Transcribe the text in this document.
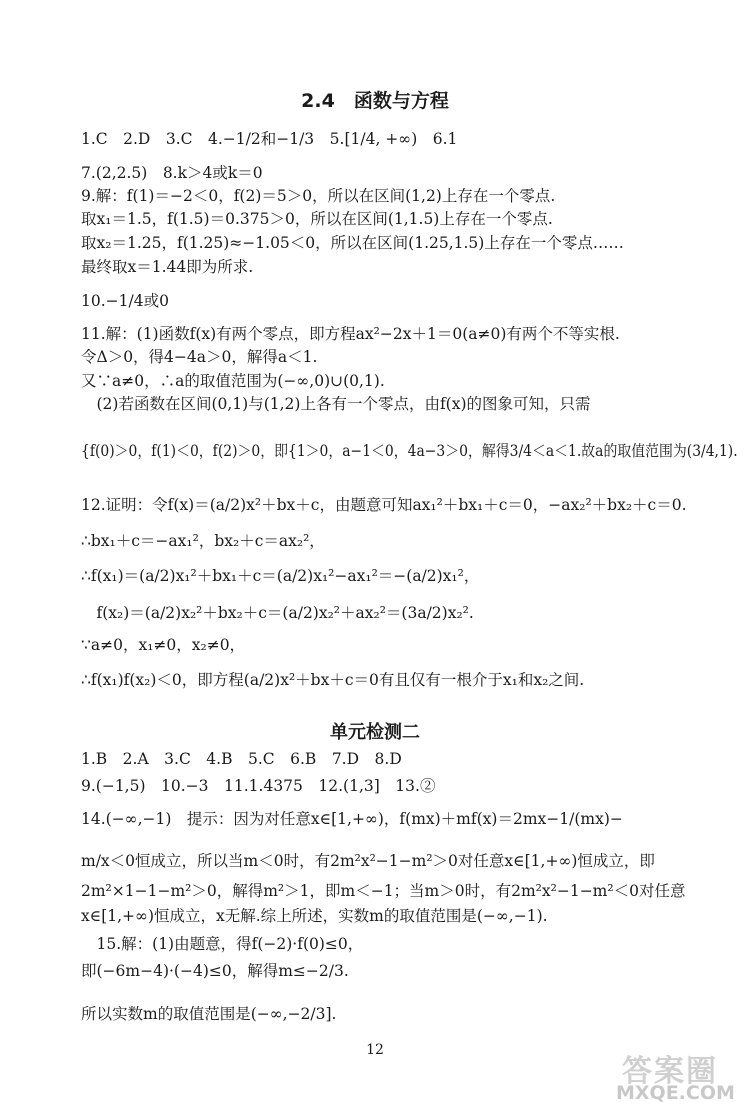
2.4　函数与方程
1.C　2.D　3.C　4.−1/2和−1/3　5.[1/4, +∞)　6.1
7.(2,2.5)　8.k＞4或k＝0
9.解：f(1)＝−2＜0，f(2)＝5＞0，所以在区间(1,2)上存在一个零点.
取x₁＝1.5，f(1.5)＝0.375＞0，所以在区间(1,1.5)上存在一个零点.
取x₂＝1.25，f(1.25)≈−1.05＜0，所以在区间(1.25,1.5)上存在一个零点……
最终取x＝1.44即为所求.
10.−1/4或0
11.解：(1)函数f(x)有两个零点，即方程ax²−2x＋1＝0(a≠0)有两个不等实根.
令Δ＞0，得4−4a＞0，解得a＜1.
又∵a≠0，∴a的取值范围为(−∞,0)∪(0,1).
　(2)若函数在区间(0,1)与(1,2)上各有一个零点，由f(x)的图象可知，只需
{f(0)＞0，f(1)＜0，f(2)＞0，即{1＞0，a−1＜0，4a−3＞0，解得3/4＜a＜1.故a的取值范围为(3/4,1).
12.证明：令f(x)＝(a/2)x²＋bx＋c，由题意可知ax₁²＋bx₁＋c＝0，−ax₂²＋bx₂＋c＝0.
∴bx₁＋c＝−ax₁²，bx₂＋c＝ax₂²，
∴f(x₁)＝(a/2)x₁²＋bx₁＋c＝(a/2)x₁²−ax₁²＝−(a/2)x₁²，
　f(x₂)＝(a/2)x₂²＋bx₂＋c＝(a/2)x₂²＋ax₂²＝(3a/2)x₂².
∵a≠0，x₁≠0，x₂≠0，
∴f(x₁)f(x₂)＜0，即方程(a/2)x²＋bx＋c＝0有且仅有一根介于x₁和x₂之间.
单元检测二
1.B　2.A　3.C　4.B　5.C　6.B　7.D　8.D
9.(−1,5)　10.−3　11.1.4375　12.(1,3]　13.②
14.(−∞,−1)　提示：因为对任意x∈[1,+∞)，f(mx)＋mf(x)＝2mx−1/(mx)−
m/x＜0恒成立，所以当m＜0时，有2m²x²−1−m²＞0对任意x∈[1,+∞)恒成立，即
2m²×1−1−m²＞0，解得m²＞1，即m＜−1；当m＞0时，有2m²x²−1−m²＜0对任意
x∈[1,+∞)恒成立，x无解.综上所述，实数m的取值范围是(−∞,−1).
　15.解：(1)由题意，得f(−2)·f(0)≤0，
即(−6m−4)·(−4)≤0，解得m≤−2/3.
所以实数m的取值范围是(−∞,−2/3].
12
答案圈
MXQE.COM
